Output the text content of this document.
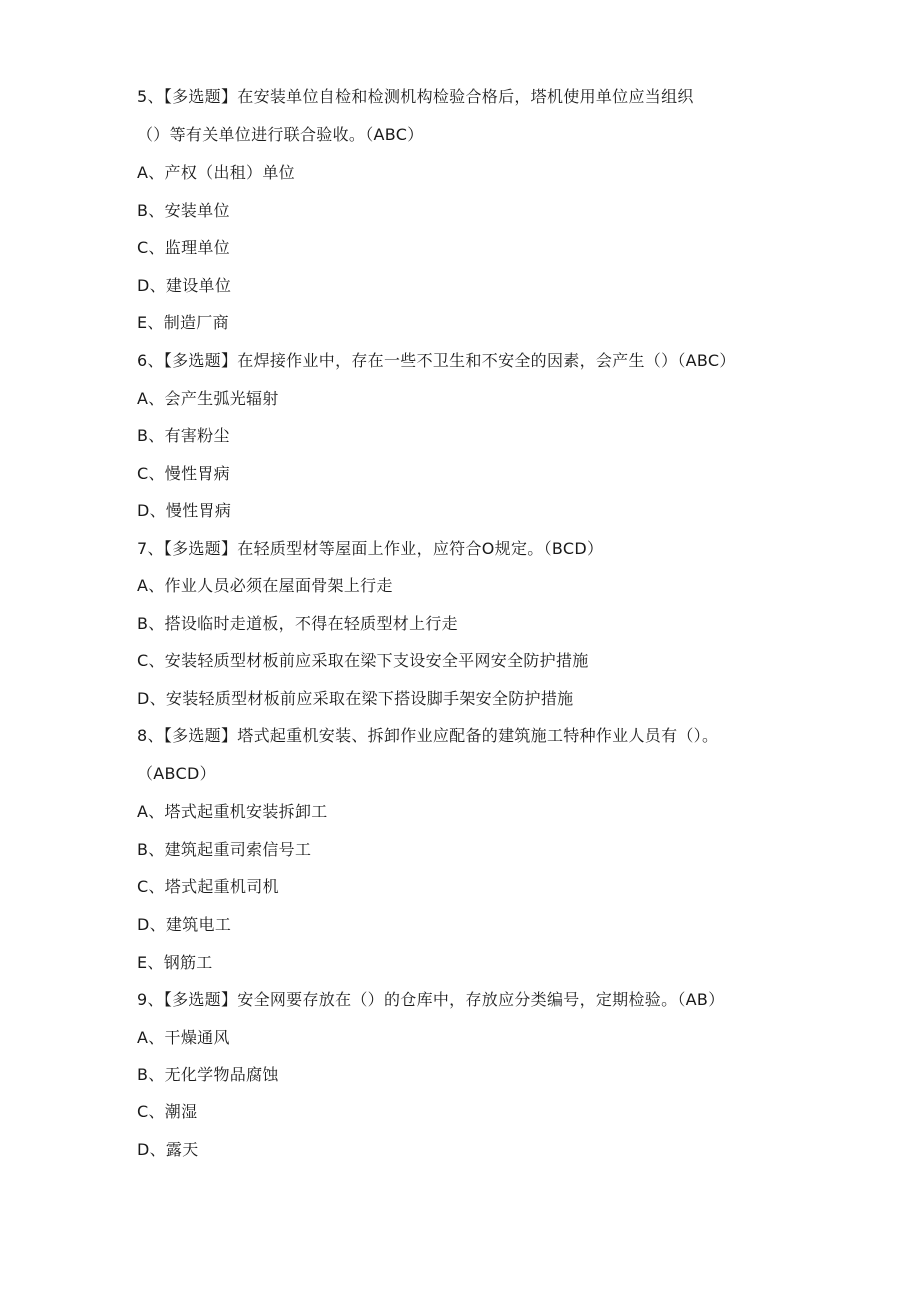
5、【多选题】在安装单位自检和检测机构检验合格后，塔机使用单位应当组织
（）等有关单位进行联合验收。（ABC）
A、产权（出租）单位
B、安装单位
C、监理单位
D、建设单位
E、制造厂商
6、【多选题】在焊接作业中，存在一些不卫生和不安全的因素，会产生（）（ABC）
A、会产生弧光辐射
B、有害粉尘
C、慢性胃病
D、慢性胃病
7、【多选题】在轻质型材等屋面上作业，应符合O规定。（BCD）
A、作业人员必须在屋面骨架上行走
B、搭设临时走道板，不得在轻质型材上行走
C、安装轻质型材板前应采取在梁下支设安全平网安全防护措施
D、安装轻质型材板前应采取在梁下搭设脚手架安全防护措施
8、【多选题】塔式起重机安装、拆卸作业应配备的建筑施工特种作业人员有（）。
（ABCD）
A、塔式起重机安装拆卸工
B、建筑起重司索信号工
C、塔式起重机司机
D、建筑电工
E、钢筋工
9、【多选题】安全网要存放在（）的仓库中，存放应分类编号，定期检验。（AB）
A、干燥通风
B、无化学物品腐蚀
C、潮湿
D、露天
